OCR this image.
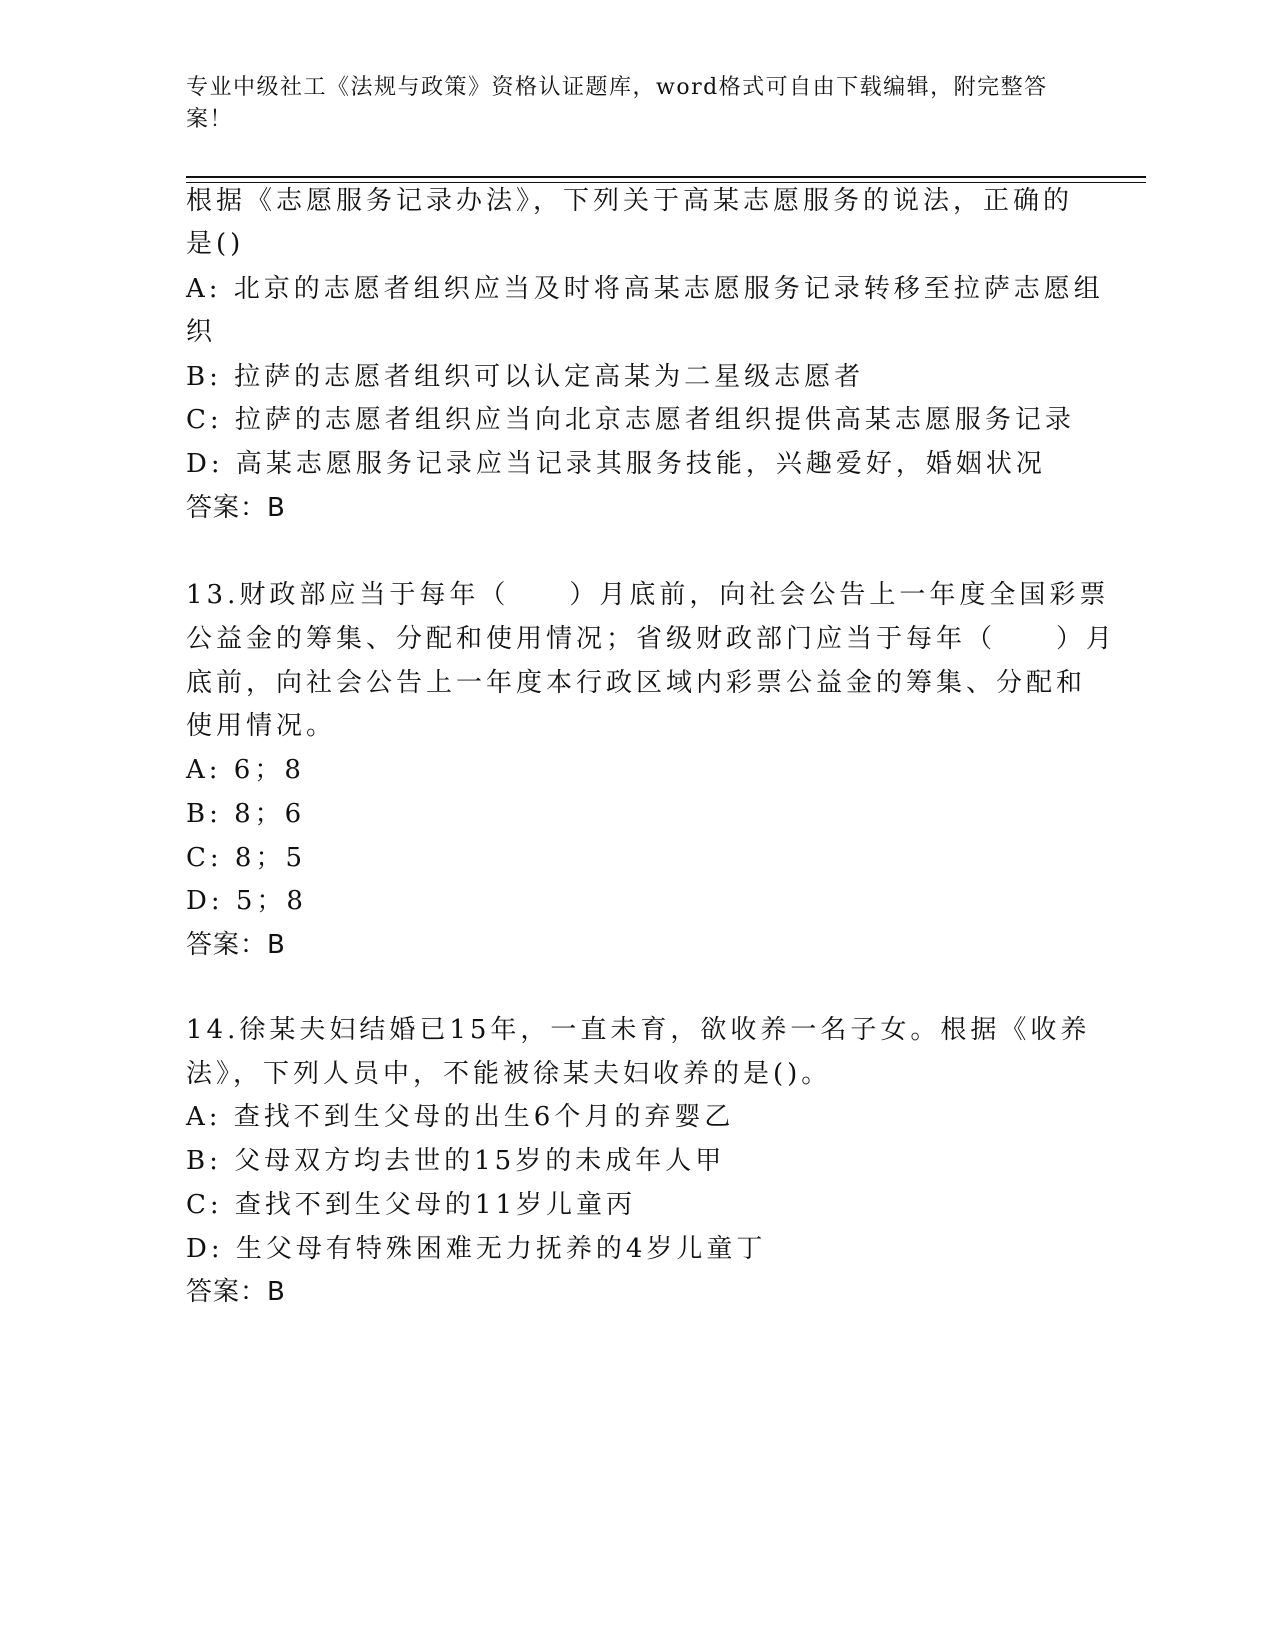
专业中级社工《法规与政策》资格认证题库，word格式可自由下载编辑，附完整答案！
根据《志愿服务记录办法》，下列关于高某志愿服务的说法，正确的
是()
A: 北京的志愿者组织应当及时将高某志愿服务记录转移至拉萨志愿组
织
B: 拉萨的志愿者组织可以认定高某为二星级志愿者
C: 拉萨的志愿者组织应当向北京志愿者组织提供高某志愿服务记录
D: 高某志愿服务记录应当记录其服务技能，兴趣爱好，婚姻状况
答案：B
13.财政部应当于每年（　　）月底前，向社会公告上一年度全国彩票
公益金的筹集、分配和使用情况；省级财政部门应当于每年（　　）月
底前，向社会公告上一年度本行政区域内彩票公益金的筹集、分配和
使用情况。
A: 6；8
B: 8；6
C: 8；5
D: 5；8
答案：B
14.徐某夫妇结婚已15年，一直未育，欲收养一名子女。根据《收养
法》，下列人员中，不能被徐某夫妇收养的是()。
A: 查找不到生父母的出生6个月的弃婴乙
B: 父母双方均去世的15岁的未成年人甲
C: 查找不到生父母的11岁儿童丙
D: 生父母有特殊困难无力抚养的4岁儿童丁
答案：B
